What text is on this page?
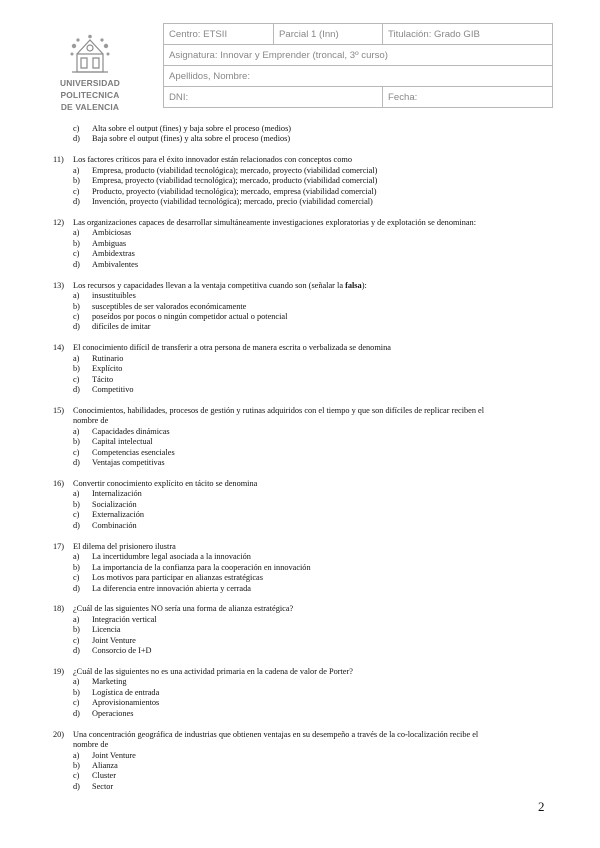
UNIVERSIDAD
POLITECNICA
DE VALENCIA
Centro: ETSII	Parcial 1 (Inn)	Titulación: Grado GIB
Asignatura: Innovar y Emprender (troncal, 3º curso)		
Apellidos, Nombre:		
DNI:		Fecha:
c)	Alta sobre el output (fines) y baja sobre el proceso (medios)
d)	Baja sobre el output (fines) y alta sobre el proceso (medios)
11)	Los factores críticos para el éxito innovador están relacionados con conceptos como
a)	Empresa, producto (viabilidad tecnológica); mercado, proyecto (viabilidad comercial)
b)	Empresa, proyecto (viabilidad tecnológica); mercado, producto (viabilidad comercial)
c)	Producto, proyecto (viabilidad tecnológica); mercado, empresa (viabilidad comercial)
d)	Invención, proyecto (viabilidad tecnológica); mercado, precio (viabilidad comercial)
12)	Las organizaciones capaces de desarrollar simultáneamente investigaciones exploratorias y de explotación se denominan:
a)	Ambiciosas
b)	Ambiguas
c)	Ambidextras
d)	Ambivalentes
13)	Los recursos y capacidades llevan a la ventaja competitiva cuando son (señalar la falsa):
a)	insustituibles
b)	susceptibles de ser valorados económicamente
c)	poseídos por pocos o ningún competidor actual o potencial
d)	difíciles de imitar
14)	El conocimiento difícil de transferir a otra persona de manera escrita o verbalizada se denomina
a)	Rutinario
b)	Explícito
c)	Tácito
d)	Competitivo
15)	Conocimientos, habilidades, procesos de gestión y rutinas adquiridos con el tiempo y que son difíciles de replicar reciben el
nombre de
a)	Capacidades dinámicas
b)	Capital intelectual
c)	Competencias esenciales
d)	Ventajas competitivas
16)	Convertir conocimiento explícito en tácito se denomina
a)	Internalización
b)	Socialización
c)	Externalización
d)	Combinación
17)	El dilema del prisionero ilustra
a)	La incertidumbre legal asociada a la innovación
b)	La importancia de la confianza para la cooperación en innovación
c)	Los motivos para participar en alianzas estratégicas
d)	La diferencia entre innovación abierta y cerrada
18)	¿Cuál de las siguientes NO sería una forma de alianza estratégica?
a)	Integración vertical
b)	Licencia
c)	Joint Venture
d)	Consorcio de I+D
19)	¿Cuál de las siguientes no es una actividad primaria en la cadena de valor de Porter?
a)	Marketing
b)	Logística de entrada
c)	Aprovisionamientos
d)	Operaciones
20)	Una concentración geográfica de industrias que obtienen ventajas en su desempeño a través de la co-localización recibe el
nombre de
a)	Joint Venture
b)	Alianza
c)	Cluster
d)	Sector
2
